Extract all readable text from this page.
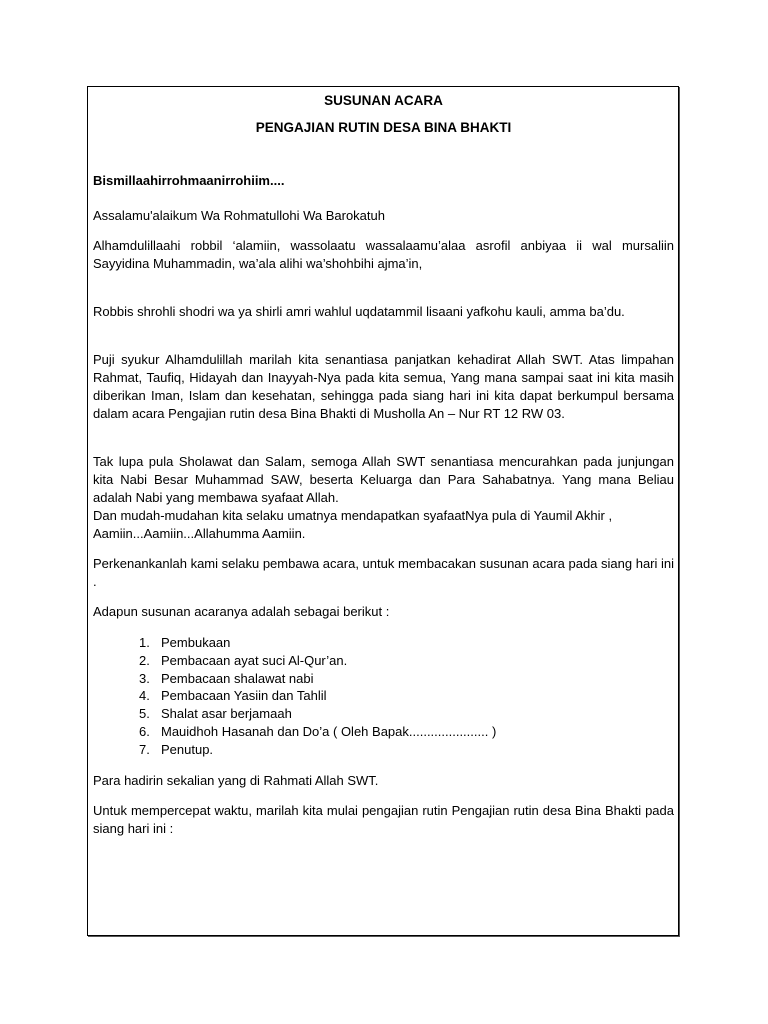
SUSUNAN ACARA

PENGAJIAN RUTIN DESA BINA BHAKTI

Bismillaahirrohmaanirrohiim....

Assalamu'alaikum Wa Rohmatullohi Wa Barokatuh

Alhamdulillaahi robbil ‘alamiin, wassolaatu wassalaamu’alaa asrofil anbiyaa ii wal mursaliin Sayyidina Muhammadin, wa’ala alihi wa’shohbihi ajma’in,

Robbis shrohli shodri wa ya shirli amri wahlul uqdatammil lisaani yafkohu kauli, amma ba’du.

Puji syukur Alhamdulillah marilah kita senantiasa panjatkan kehadirat Allah SWT. Atas limpahan Rahmat, Taufiq, Hidayah dan Inayyah-Nya pada kita semua, Yang mana sampai saat ini kita masih diberikan Iman, Islam dan kesehatan, sehingga pada siang hari ini kita dapat berkumpul bersama dalam acara Pengajian rutin desa Bina Bhakti di Musholla An – Nur RT 12 RW 03.

Tak lupa pula Sholawat dan Salam, semoga Allah SWT senantiasa mencurahkan pada junjungan kita Nabi Besar Muhammad SAW, beserta Keluarga dan Para Sahabatnya. Yang mana Beliau adalah Nabi yang membawa syafaat Allah.

Dan mudah-mudahan kita selaku umatnya mendapatkan syafaatNya pula di Yaumil Akhir ,

Aamiin...Aamiin...Allahumma Aamiin.

Perkenankanlah kami selaku pembawa acara, untuk membacakan susunan acara pada siang hari ini .

Adapun susunan acaranya adalah sebagai berikut :

1. Pembukaan
2. Pembacaan ayat suci Al-Qur’an.
3. Pembacaan shalawat nabi
4. Pembacaan Yasiin dan Tahlil
5. Shalat asar berjamaah
6. Mauidhoh Hasanah dan Do’a ( Oleh Bapak...................... )
7. Penutup.

Para hadirin sekalian yang di Rahmati Allah SWT.

Untuk mempercepat waktu, marilah kita mulai pengajian rutin Pengajian rutin desa Bina Bhakti pada siang hari ini :
